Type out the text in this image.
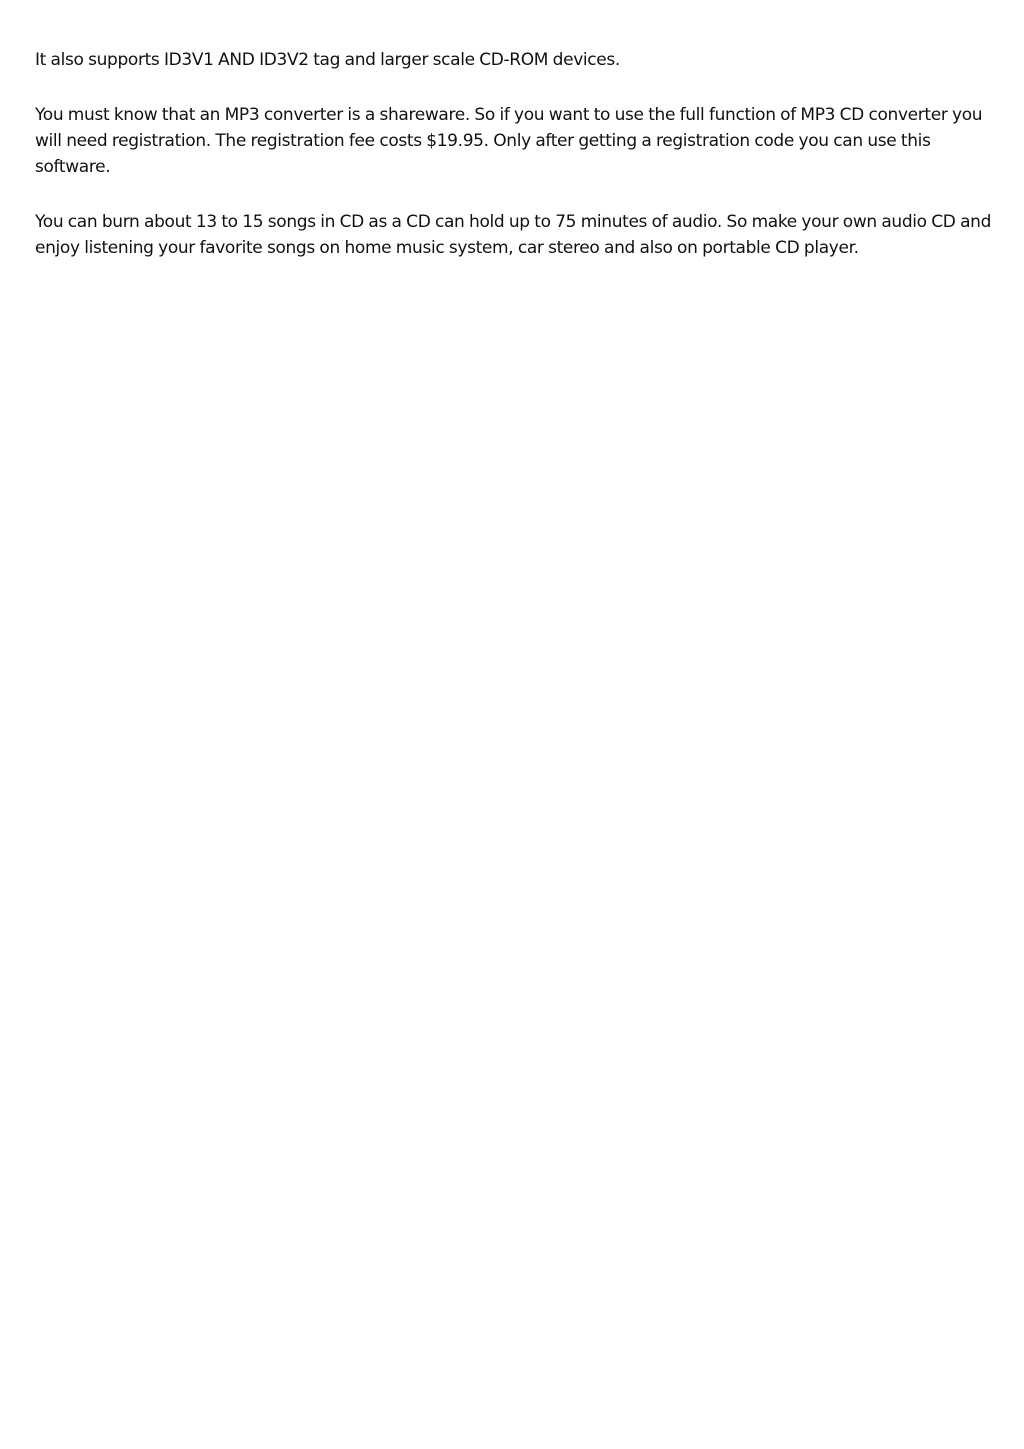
It also supports ID3V1 AND ID3V2 tag and larger scale CD-ROM devices.

You must know that an MP3 converter is a shareware. So if you want to use the full function of MP3 CD converter you will need registration. The registration fee costs $19.95. Only after getting a registration code you can use this software.

You can burn about 13 to 15 songs in CD as a CD can hold up to 75 minutes of audio. So make your own audio CD and enjoy listening your favorite songs on home music system, car stereo and also on portable CD player.
